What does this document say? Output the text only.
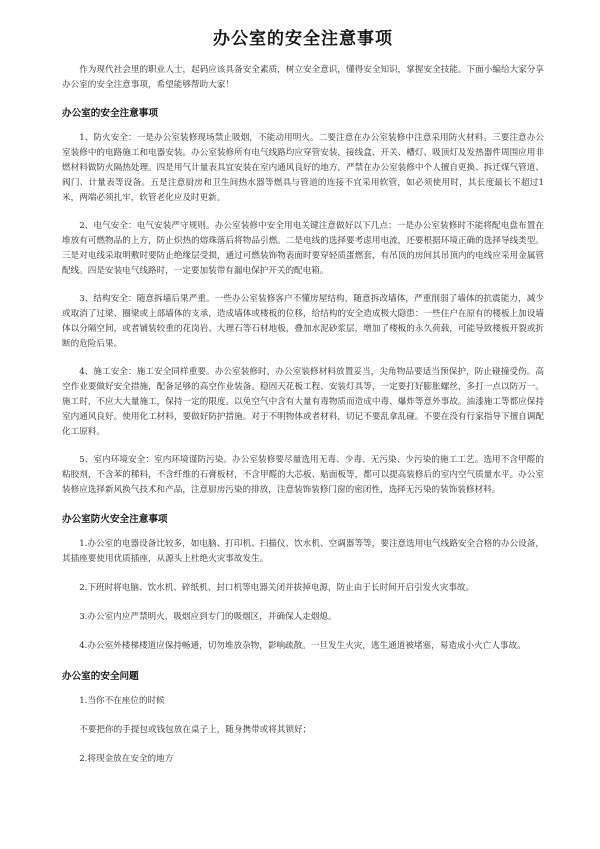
办公室的安全注意事项

作为现代社会里的职业人士，起码应该具备安全素质，树立安全意识，懂得安全知识，掌握安全技能。下面小编给大家分享办公室的安全注意事项，希望能够帮助大家！

办公室的安全注意事项

1、防火安全：一是办公室装修现场禁止吸烟，不能动用明火。二要注意在办公室装修中注意采用防火材料。三要注意办公室装修中的电路施工和电器安装。办公室装修所有电气线路均应穿管安装，接线盒、开关、槽灯、吸顶灯及发热器件周围应用非燃材料做防火隔热处理。四是用气计量表具宜安装在室内通风良好的地方，严禁在办公室装修中个人擅自更换、拆迁煤气管道、阀门、计量表等设备。五是注意厨房和卫生间热水器等燃具与管道的连接不宜采用软管，如必须使用时，其长度最长不超过1米，两端必须扎牢，软管老化应及时更新。

2、电气安全：电气安装严守规则。办公室装修中安全用电关键注意做好以下几点：一是办公室装修时不能将配电盘布置在堆放有可燃物品的上方，防止炽热的熔珠落后将物品引燃。二是电线的选择要考虑用电流，还要根据环境正确的选择导线类型。三是对电线采取明敷时要防止绝缘层受损，通过可燃装饰物表面时要穿轻质蛋燃套，有吊顶的房间其吊顶内的电线应采用金属管配线。四是安装电气线路时，一定要加装带有漏电保护开关的配电箱。

3、结构安全：随意拆墙后果严重。一些办公室装修客户不懂房屋结构，随意拆改墙体，严重削弱了墙体的抗震能力，减少或取消了过梁、圈梁或上部墙体的支承，造成墙体或楼板的位移，给结构的安全造成极大隐患：一些住户在原有的楼板上加设墙体以分隔空间，或者铺装较重的花岗岩、大理石等石材地板，叠加水泥砂浆层，增加了楼板的永久荷载，可能导致楼板开裂或折断的危险后果。

4、施工安全：施工安全同样重要。办公室装修时，办公室装修材料放置妥当，尖角物品要适当预保护，防止碰撞受伤。高空作业要做好安全措施，配备足够的高空作业装备。稳固天花板工程、安装灯具等，一定要打好膨胀螺丝，多打一点以防万一。施工时，不应大大量施工，保持一定的限度。以免空气中含有大量有毒物质而造成中毒、爆炸等意外事故。油漆施工等都应保持室内通风良好。使用化工材料，要做好防护措施。对于不明物体或者材料，切记不要乱拿乱碰。不要在没有行家指导下擅自调配化工原料。

5、室内环境安全：室内环境谨防污染。办公室装修要尽量选用无毒、少毒、无污染、少污染的施工工艺。选用不含甲醛的粘胶剂，不含苯的稀料，不含纤维的石膏板材，不含甲醛的大芯板、贴面板等，都可以提高装修后的室内空气质量水平。办公室装修应选择新风换气技术和产品，注意厨房污染的排放，注意装饰装修门窗的密闭性，选择无污染的装饰装修材料。

办公室防火安全注意事项

1.办公室的电器设备比较多，如电脑、打印机、扫描仪、饮水机、空调器等等，要注意选用电气线路安全合格的办公设备，其插座要使用优质插座，从源头上杜绝火灾事故发生。

2.下班时将电脑、饮水机、碎纸机、封口机等电器关闭并拔掉电源，防止由于长时间开启引发火灾事故。

3.办公室内应严禁明火，吸烟应到专门的吸烟区，并确保人走烟熄。

4.办公室外楼梯楼道应保持畅通，切勿堆放杂物，影响疏散。一旦发生火灾，逃生通道被堵塞，易造成小火亡人事故。

办公室的安全问题

1.当你不在座位的时候

不要把你的手提包或钱包放在桌子上，随身携带或将其锁好；

2.将现金放在安全的地方
